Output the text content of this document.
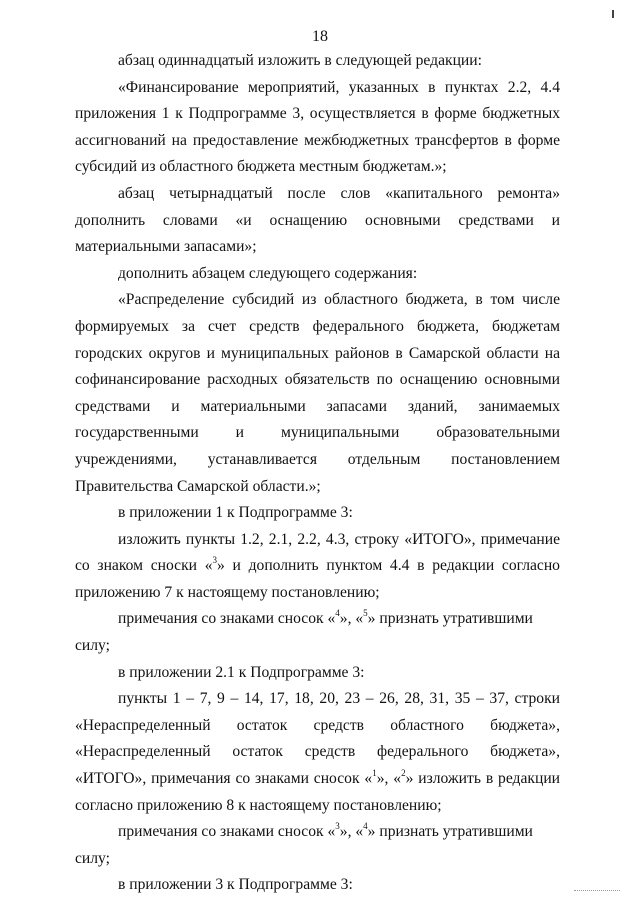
18

абзац одиннадцатый изложить в следующей редакции:

«Финансирование мероприятий, указанных в пунктах 2.2, 4.4 приложения 1 к Подпрограмме 3, осуществляется в форме бюджетных ассигнований на предоставление межбюджетных трансфертов в форме субсидий из областного бюджета местным бюджетам.»;

абзац четырнадцатый после слов «капитального ремонта» дополнить словами «и оснащению основными средствами и материальными запасами»;

дополнить абзацем следующего содержания:

«Распределение субсидий из областного бюджета, в том числе формируемых за счет средств федерального бюджета, бюджетам городских округов и муниципальных районов в Самарской области на софинансирование расходных обязательств по оснащению основными средствами и материальными запасами зданий, занимаемых государственными и муниципальными образовательными учреждениями, устанавливается отдельным постановлением Правительства Самарской области.»;

в приложении 1 к Подпрограмме 3:

изложить пункты 1.2, 2.1, 2.2, 4.3, строку «ИТОГО», примечание со знаком сноски «$^3$» и дополнить пунктом 4.4 в редакции согласно приложению 7 к настоящему постановлению;

примечания со знаками сносок «$^4$», «$^5$» признать утратившими силу;

в приложении 2.1 к Подпрограмме 3:

пункты 1 – 7, 9 – 14, 17, 18, 20, 23 – 26, 28, 31, 35 – 37, строки «Нераспределенный остаток средств областного бюджета», «Нераспределенный остаток средств федерального бюджета», «ИТОГО», примечания со знаками сносок «$^1$», «$^2$» изложить в редакции согласно приложению 8 к настоящему постановлению;

примечания со знаками сносок «$^3$», «$^4$» признать утратившими силу;

в приложении 3 к Подпрограмме 3:
